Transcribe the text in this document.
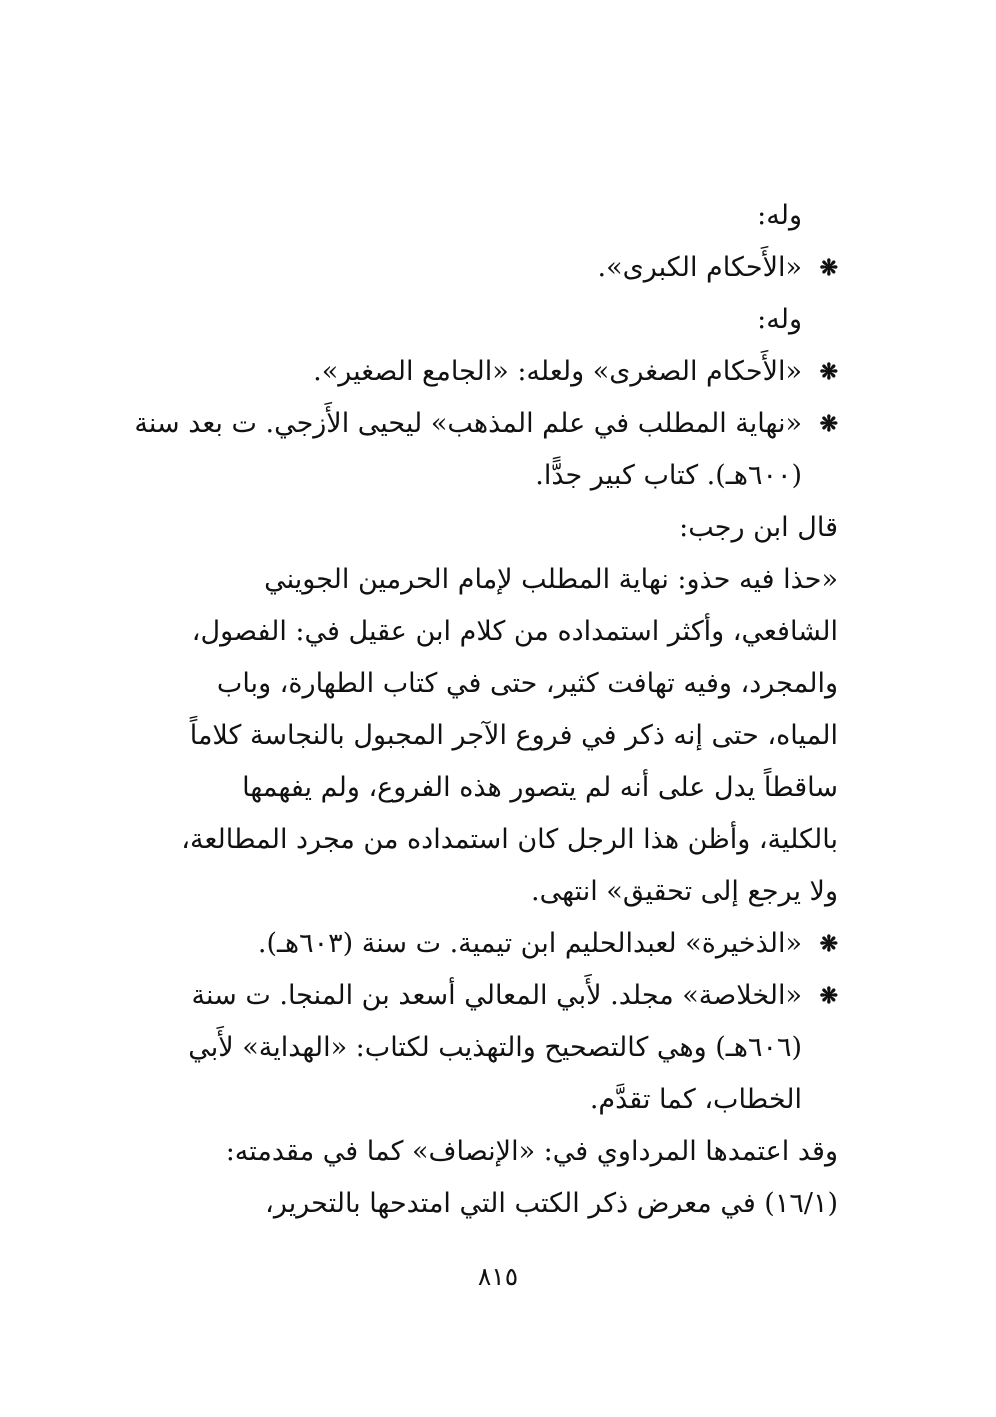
وله:
❋
«الأَحكام الكبرى».
وله:
❋
«الأَحكام الصغرى» ولعله: «الجامع الصغير».
❋
«نهاية المطلب في علم المذهب» ليحيى الأَزجي. ت بعد سنة
(٦٠٠هـ). كتاب كبير جدًّا.
قال ابن رجب:
«حذا فيه حذو: نهاية المطلب لإمام الحرمين الجويني
الشافعي، وأكثر استمداده من كلام ابن عقيل في: الفصول،
والمجرد، وفيه تهافت كثير، حتى في كتاب الطهارة، وباب
المياه، حتى إنه ذكر في فروع الآجر المجبول بالنجاسة كلاماً
ساقطاً يدل على أنه لم يتصور هذه الفروع، ولم يفهمها
بالكلية، وأظن هذا الرجل كان استمداده من مجرد المطالعة،
ولا يرجع إلى تحقيق» انتهى.
❋
«الذخيرة» لعبدالحليم ابن تيمية. ت سنة (٦٠٣هـ).
❋
«الخلاصة» مجلد. لأَبي المعالي أسعد بن المنجا. ت سنة
(٦٠٦هـ) وهي كالتصحيح والتهذيب لكتاب: «الهداية» لأَبي
الخطاب، كما تقدَّم.
وقد اعتمدها المرداوي في: «الإنصاف» كما في مقدمته:
(١٦/١) في معرض ذكر الكتب التي امتدحها بالتحرير،
٨١٥
